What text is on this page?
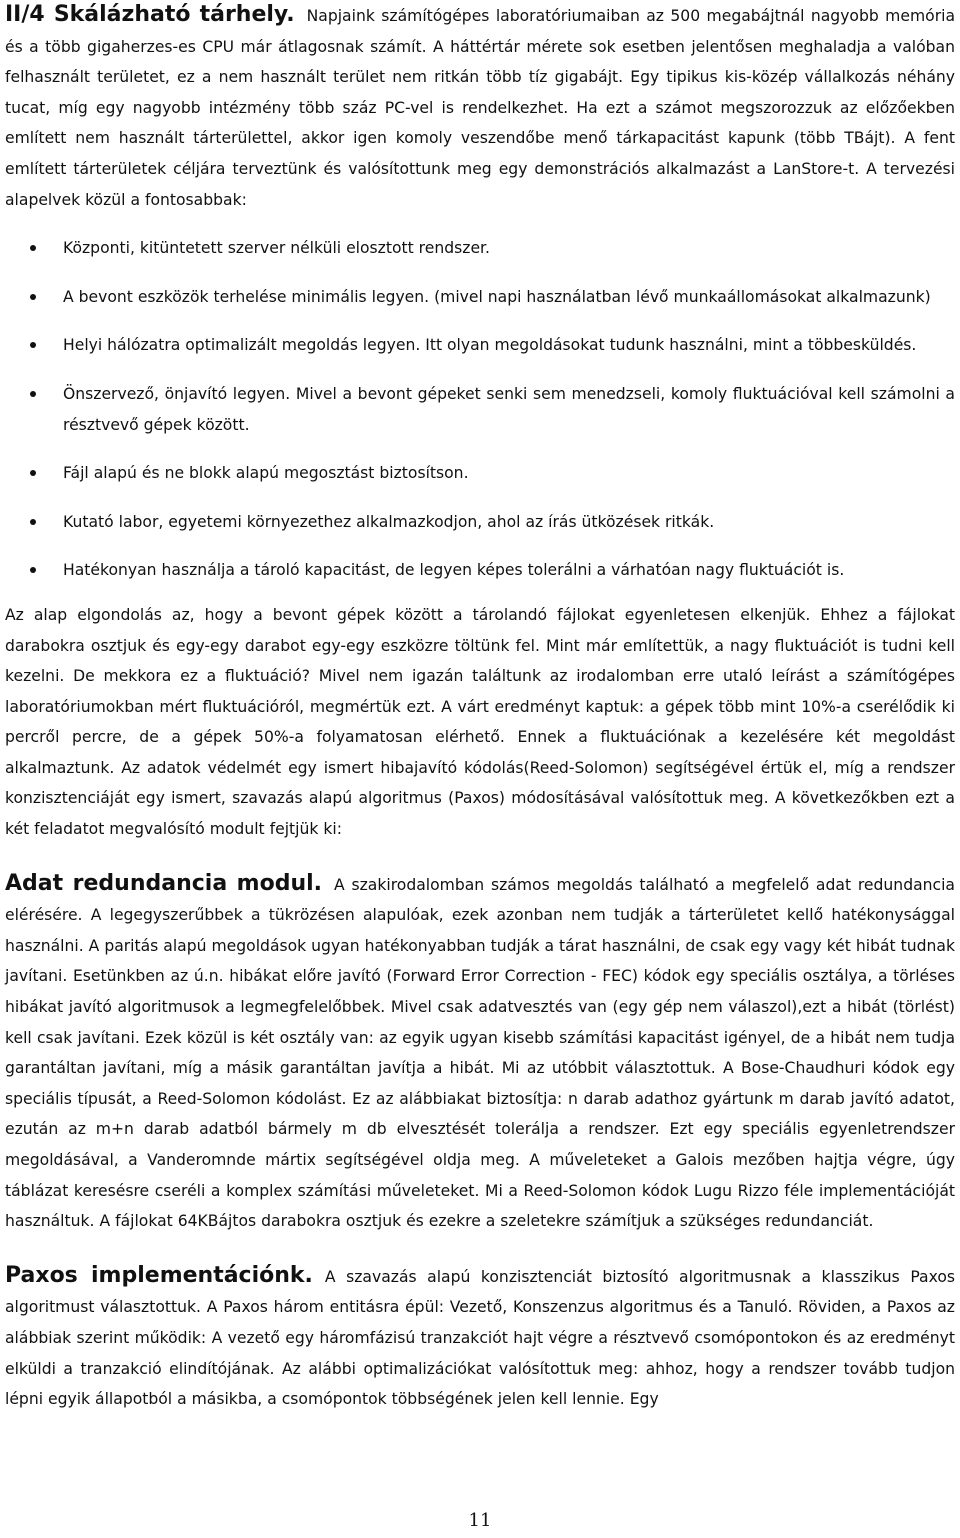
II/4 Skálázható tárhely. Napjaink számítógépes laboratóriumaiban az 500 megabájtnál nagyobb memória és a több gigaherzes-es CPU már átlagosnak számít. A háttértár mérete sok esetben jelentősen meghaladja a valóban felhasznált területet, ez a nem használt terület nem ritkán több tíz gigabájt. Egy tipikus kis-közép vállalkozás néhány tucat, míg egy nagyobb intézmény több száz PC-vel is rendelkezhet. Ha ezt a számot megszorozzuk az előzőekben említett nem használt tárterülettel, akkor igen komoly veszendőbe menő tárkapacitást kapunk (több TBájt). A fent említett tárterületek céljára terveztünk és valósítottunk meg egy demonstrációs alkalmazást a LanStore-t. A tervezési alapelvek közül a fontosabbak:

Központi, kitüntetett szerver nélküli elosztott rendszer.
A bevont eszközök terhelése minimális legyen. (mivel napi használatban lévő munkaállomásokat alkalmazunk)
Helyi hálózatra optimalizált megoldás legyen. Itt olyan megoldásokat tudunk használni, mint a többesküldés.
Önszervező, önjavító legyen. Mivel a bevont gépeket senki sem menedzseli, komoly fluktuációval kell számolni a résztvevő gépek között.
Fájl alapú és ne blokk alapú megosztást biztosítson.
Kutató labor, egyetemi környezethez alkalmazkodjon, ahol az írás ütközések ritkák.
Hatékonyan használja a tároló kapacitást, de legyen képes tolerálni a várhatóan nagy fluktuációt is.

Az alap elgondolás az, hogy a bevont gépek között a tárolandó fájlokat egyenletesen elkenjük. Ehhez a fájlokat darabokra osztjuk és egy-egy darabot egy-egy eszközre töltünk fel. Mint már említettük, a nagy fluktuációt is tudni kell kezelni. De mekkora ez a fluktuáció? Mivel nem igazán találtunk az irodalomban erre utaló leírást a számítógépes laboratóriumokban mért fluktuációról, megmértük ezt. A várt eredményt kaptuk: a gépek több mint 10%-a cserélődik ki percről percre, de a gépek 50%-a folyamatosan elérhető. Ennek a fluktuációnak a kezelésére két megoldást alkalmaztunk. Az adatok védelmét egy ismert hibajavító kódolás(Reed-Solomon) segítségével értük el, míg a rendszer konzisztenciáját egy ismert, szavazás alapú algoritmus (Paxos) módosításával valósítottuk meg. A következőkben ezt a két feladatot megvalósító modult fejtjük ki:

Adat redundancia modul. A szakirodalomban számos megoldás található a megfelelő adat redundancia elérésére. A legegyszerűbbek a tükrözésen alapulóak, ezek azonban nem tudják a tárterületet kellő hatékonysággal használni. A paritás alapú megoldások ugyan hatékonyabban tudják a tárat használni, de csak egy vagy két hibát tudnak javítani. Esetünkben az ú.n. hibákat előre javító (Forward Error Correction - FEC) kódok egy speciális osztálya, a törléses hibákat javító algoritmusok a legmegfelelőbbek. Mivel csak adatvesztés van (egy gép nem válaszol),ezt a hibát (törlést) kell csak javítani. Ezek közül is két osztály van: az egyik ugyan kisebb számítási kapacitást igényel, de a hibát nem tudja garantáltan javítani, míg a másik garantáltan javítja a hibát. Mi az utóbbit választottuk. A Bose-Chaudhuri kódok egy speciális típusát, a Reed-Solomon kódolást. Ez az alábbiakat biztosítja: n darab adathoz gyártunk m darab javító adatot, ezután az m+n darab adatból bármely m db elvesztését tolerálja a rendszer. Ezt egy speciális egyenletrendszer megoldásával, a Vanderomnde mártix segítségével oldja meg. A műveleteket a Galois mezőben hajtja végre, úgy táblázat keresésre cseréli a komplex számítási műveleteket. Mi a Reed-Solomon kódok Lugu Rizzo féle implementációját használtuk. A fájlokat 64KBájtos darabokra osztjuk és ezekre a szeletekre számítjuk a szükséges redundanciát.

Paxos implementációnk. A szavazás alapú konzisztenciát biztosító algoritmusnak a klasszikus Paxos algoritmust választottuk. A Paxos három entitásra épül: Vezető, Konszenzus algoritmus és a Tanuló. Röviden, a Paxos az alábbiak szerint működik: A vezető egy háromfázisú tranzakciót hajt végre a résztvevő csomópontokon és az eredményt elküldi a tranzakció elindítójának. Az alábbi optimalizációkat valósítottuk meg: ahhoz, hogy a rendszer tovább tudjon lépni egyik állapotból a másikba, a csomópontok többségének jelen kell lennie. Egy

11
